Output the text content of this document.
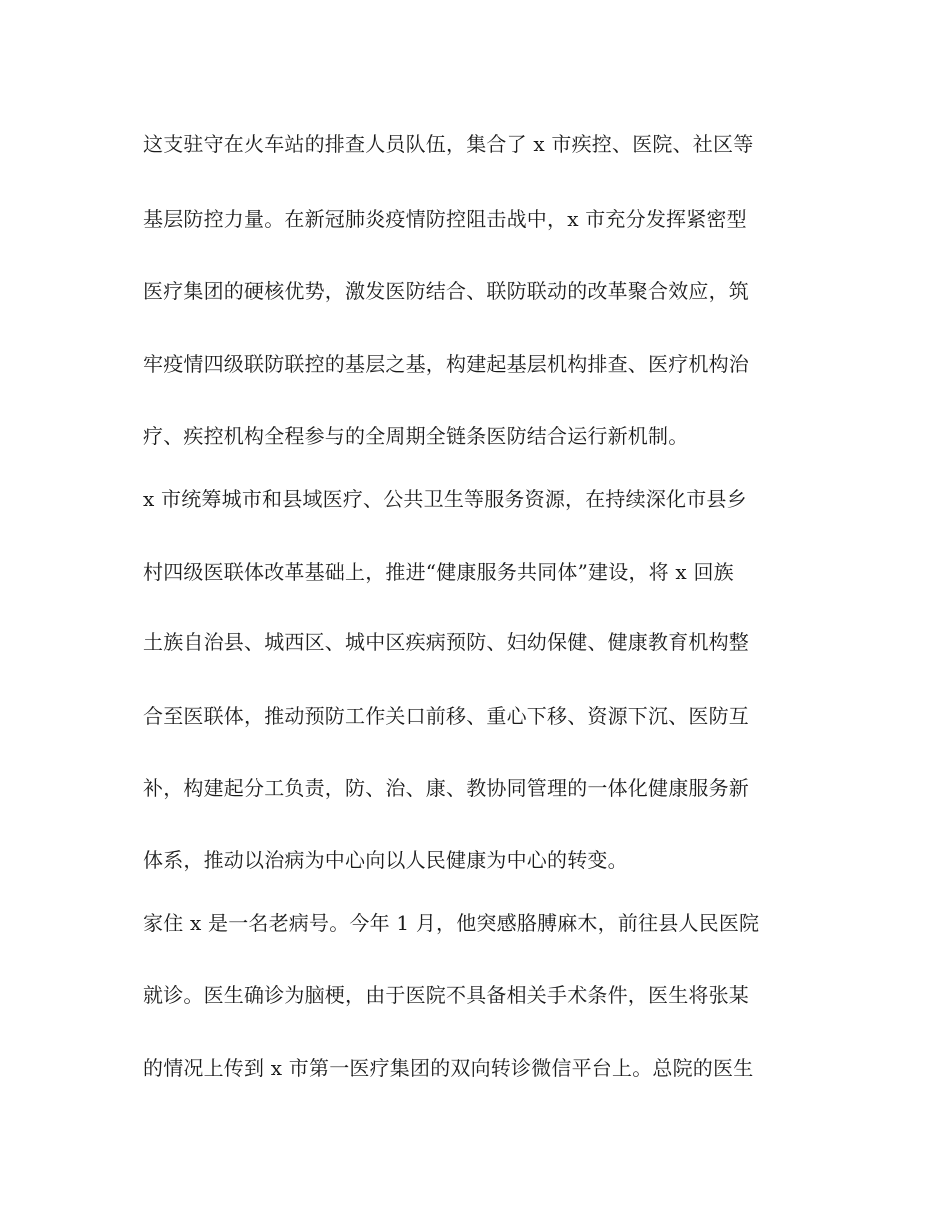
这支驻守在火车站的排查人员队伍，集合了 x 市疾控、医院、社区等
基层防控力量。在新冠肺炎疫情防控阻击战中，x 市充分发挥紧密型
医疗集团的硬核优势，激发医防结合、联防联动的改革聚合效应，筑
牢疫情四级联防联控的基层之基，构建起基层机构排查、医疗机构治
疗、疾控机构全程参与的全周期全链条医防结合运行新机制。
x 市统筹城市和县域医疗、公共卫生等服务资源，在持续深化市县乡
村四级医联体改革基础上，推进“健康服务共同体”建设，将 x 回族
土族自治县、城西区、城中区疾病预防、妇幼保健、健康教育机构整
合至医联体，推动预防工作关口前移、重心下移、资源下沉、医防互
补，构建起分工负责，防、治、康、教协同管理的一体化健康服务新
体系，推动以治病为中心向以人民健康为中心的转变。
家住 x 是一名老病号。今年 1 月，他突感胳膊麻木，前往县人民医院
就诊。医生确诊为脑梗，由于医院不具备相关手术条件，医生将张某
的情况上传到 x 市第一医疗集团的双向转诊微信平台上。总院的医生
